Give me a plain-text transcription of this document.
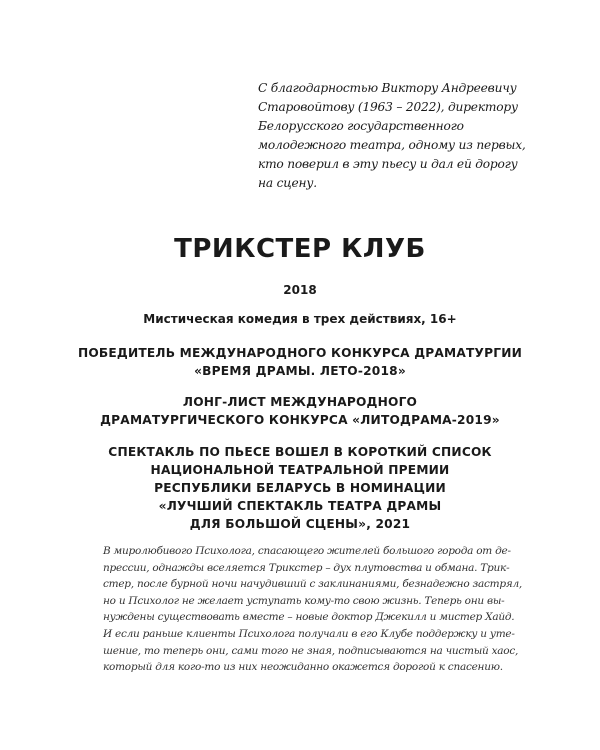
С благодарностью Виктору Андреевичу
Старовойтову (1963 – 2022), директору
Белорусского государственного
молодежного театра, одному из первых,
кто поверил в эту пьесу и дал ей дорогу
на сцену.
ТРИКСТЕР КЛУБ
2018
Мистическая комедия в трех действиях, 16+
ПОБЕДИТЕЛЬ МЕЖДУНАРОДНОГО КОНКУРСА ДРАМАТУРГИИ
«ВРЕМЯ ДРАМЫ. ЛЕТО-2018»
ЛОНГ-ЛИСТ МЕЖДУНАРОДНОГО
ДРАМАТУРГИЧЕСКОГО КОНКУРСА «ЛИТОДРАМА-2019»
СПЕКТАКЛЬ ПО ПЬЕСЕ ВОШЕЛ В КОРОТКИЙ СПИСОК
НАЦИОНАЛЬНОЙ ТЕАТРАЛЬНОЙ ПРЕМИИ
РЕСПУБЛИКИ БЕЛАРУСЬ В НОМИНАЦИИ
«ЛУЧШИЙ СПЕКТАКЛЬ ТЕАТРА ДРАМЫ
ДЛЯ БОЛЬШОЙ СЦЕНЫ», 2021
В миролюбивого Психолога, спасающего жителей большого города от де-
прессии, однажды вселяется Трикстер – дух плутовства и обмана. Трик-
стер, после бурной ночи начудивший с заклинаниями, безнадежно застрял,
но и Психолог не желает уступать кому-то свою жизнь. Теперь они вы-
нуждены существовать вместе – новые доктор Джекилл и мистер Хайд.
И если раньше клиенты Психолога получали в его Клубе поддержку и уте-
шение, то теперь они, сами того не зная, подписываются на чистый хаос,
который для кого-то из них неожиданно окажется дорогой к спасению.
